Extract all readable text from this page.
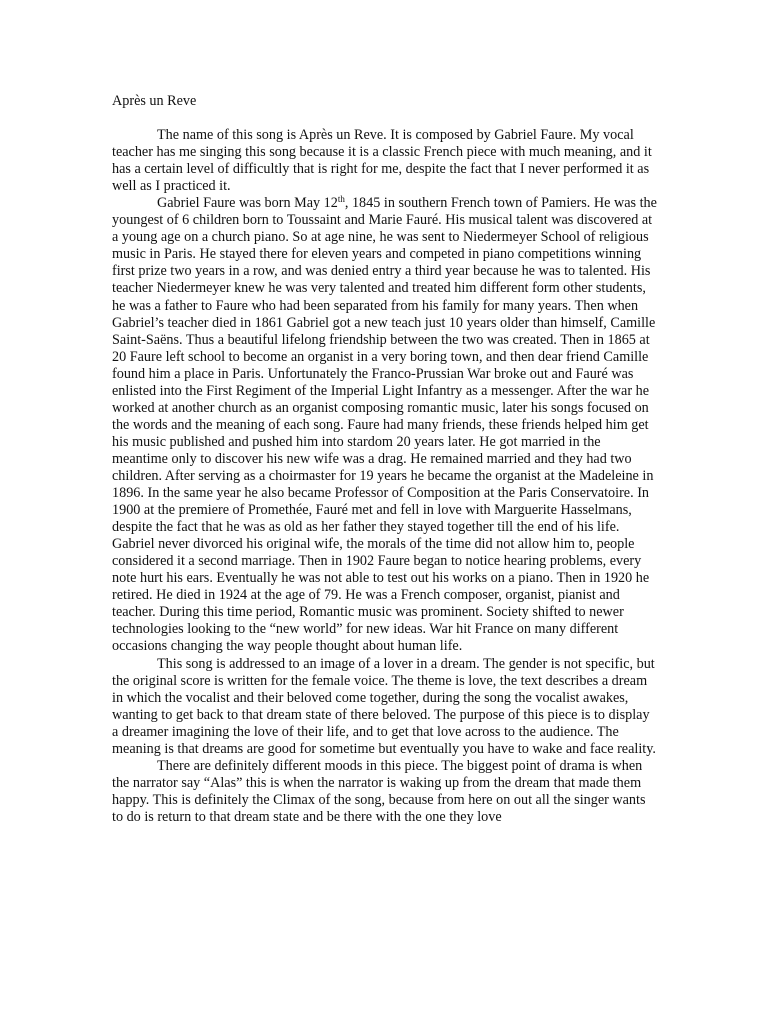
Après un Reve

The name of this song is Après un Reve. It is composed by Gabriel Faure. My vocal teacher has me singing this song because it is a classic French piece with much meaning, and it has a certain level of difficultly that is right for me, despite the fact that I never performed it as well as I practiced it.

Gabriel Faure was born May 12th, 1845 in southern French town of Pamiers. He was the youngest of 6 children born to Toussaint and Marie Fauré. His musical talent was discovered at a young age on a church piano. So at age nine, he was sent to Niedermeyer School of religious music in Paris. He stayed there for eleven years and competed in piano competitions winning first prize two years in a row, and was denied entry a third year because he was to talented. His teacher Niedermeyer knew he was very talented and treated him different form other students, he was a father to Faure who had been separated from his family for many years. Then when Gabriel’s teacher died in 1861 Gabriel got a new teach just 10 years older than himself, Camille Saint-Saëns. Thus a beautiful lifelong friendship between the two was created. Then in 1865 at 20 Faure left school to become an organist in a very boring town, and then dear friend Camille found him a place in Paris. Unfortunately the Franco-Prussian War broke out and Fauré was enlisted into the First Regiment of the Imperial Light Infantry as a messenger. After the war he worked at another church as an organist composing romantic music, later his songs focused on the words and the meaning of each song. Faure had many friends, these friends helped him get his music published and pushed him into stardom 20 years later. He got married in the meantime only to discover his new wife was a drag. He remained married and they had two children. After serving as a choirmaster for 19 years he became the organist at the Madeleine in 1896. In the same year he also became Professor of Composition at the Paris Conservatoire. In 1900 at the premiere of Promethée, Fauré met and fell in love with Marguerite Hasselmans, despite the fact that he was as old as her father they stayed together till the end of his life. Gabriel never divorced his original wife, the morals of the time did not allow him to, people considered it a second marriage. Then in 1902 Faure began to notice hearing problems, every note hurt his ears. Eventually he was not able to test out his works on a piano. Then in 1920 he retired. He died in 1924 at the age of 79. He was a French composer, organist, pianist and teacher. During this time period, Romantic music was prominent. Society shifted to newer technologies looking to the “new world” for new ideas. War hit France on many different occasions changing the way people thought about human life.

This song is addressed to an image of a lover in a dream. The gender is not specific, but the original score is written for the female voice. The theme is love, the text describes a dream in which the vocalist and their beloved come together, during the song the vocalist awakes, wanting to get back to that dream state of there beloved. The purpose of this piece is to display a dreamer imagining the love of their life, and to get that love across to the audience. The meaning is that dreams are good for sometime but eventually you have to wake and face reality.

There are definitely different moods in this piece. The biggest point of drama is when the narrator say “Alas” this is when the narrator is waking up from the dream that made them happy. This is definitely the Climax of the song, because from here on out all the singer wants to do is return to that dream state and be there with the one they love
